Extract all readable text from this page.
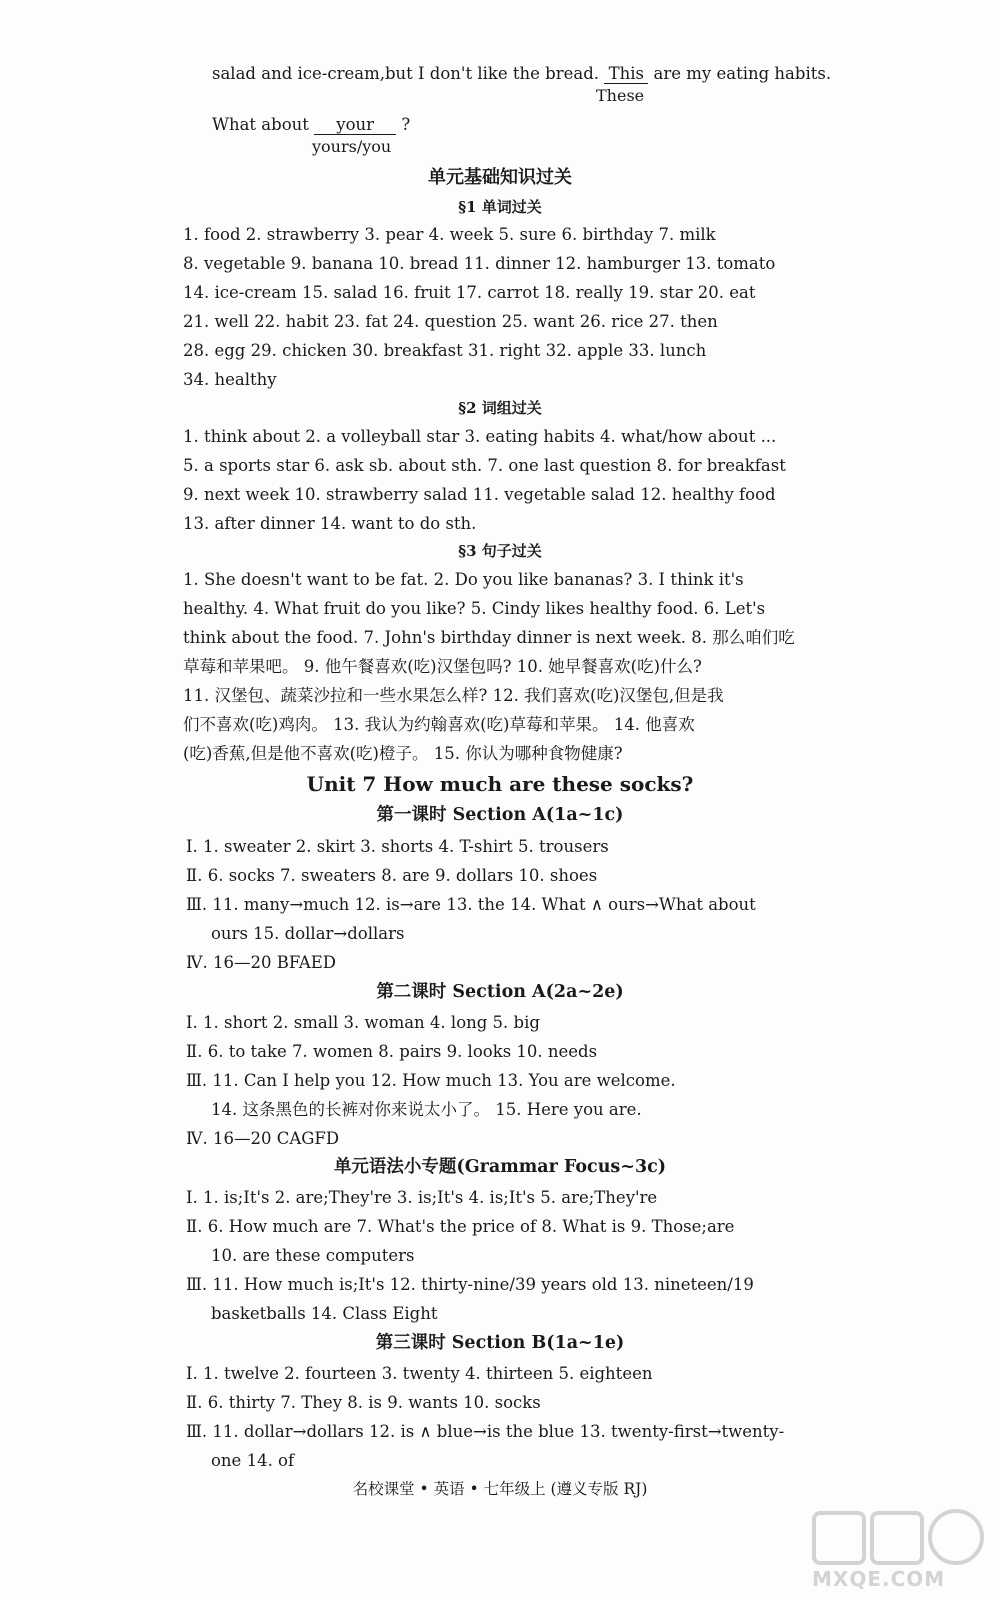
salad and ice-cream,but I don't like the bread. This are my eating habits.
These
What about your ?
yours/you
单元基础知识过关
§1 单词过关
1. food 2. strawberry 3. pear 4. week 5. sure 6. birthday 7. milk
8. vegetable 9. banana 10. bread 11. dinner 12. hamburger 13. tomato
14. ice-cream 15. salad 16. fruit 17. carrot 18. really 19. star 20. eat
21. well 22. habit 23. fat 24. question 25. want 26. rice 27. then
28. egg 29. chicken 30. breakfast 31. right 32. apple 33. lunch
34. healthy
§2 词组过关
1. think about 2. a volleyball star 3. eating habits 4. what/how about ...
5. a sports star 6. ask sb. about sth. 7. one last question 8. for breakfast
9. next week 10. strawberry salad 11. vegetable salad 12. healthy food
13. after dinner 14. want to do sth.
§3 句子过关
1. She doesn't want to be fat. 2. Do you like bananas? 3. I think it's
healthy. 4. What fruit do you like? 5. Cindy likes healthy food. 6. Let's
think about the food. 7. John's birthday dinner is next week. 8. 那么咱们吃
草莓和苹果吧。 9. 他午餐喜欢(吃)汉堡包吗? 10. 她早餐喜欢(吃)什么?
11. 汉堡包、蔬菜沙拉和一些水果怎么样? 12. 我们喜欢(吃)汉堡包,但是我
们不喜欢(吃)鸡肉。 13. 我认为约翰喜欢(吃)草莓和苹果。 14. 他喜欢
(吃)香蕉,但是他不喜欢(吃)橙子。 15. 你认为哪种食物健康?
Unit 7 How much are these socks?
第一课时 Section A(1a~1c)
Ⅰ. 1. sweater 2. skirt 3. shorts 4. T-shirt 5. trousers
Ⅱ. 6. socks 7. sweaters 8. are 9. dollars 10. shoes
Ⅲ. 11. many→much 12. is→are 13. the 14. What ∧ ours→What about
ours 15. dollar→dollars
Ⅳ. 16—20 BFAED
第二课时 Section A(2a~2e)
Ⅰ. 1. short 2. small 3. woman 4. long 5. big
Ⅱ. 6. to take 7. women 8. pairs 9. looks 10. needs
Ⅲ. 11. Can I help you 12. How much 13. You are welcome.
14. 这条黑色的长裤对你来说太小了。 15. Here you are.
Ⅳ. 16—20 CAGFD
单元语法小专题(Grammar Focus~3c)
Ⅰ. 1. is;It's 2. are;They're 3. is;It's 4. is;It's 5. are;They're
Ⅱ. 6. How much are 7. What's the price of 8. What is 9. Those;are
10. are these computers
Ⅲ. 11. How much is;It's 12. thirty-nine/39 years old 13. nineteen/19
basketballs 14. Class Eight
第三课时 Section B(1a~1e)
Ⅰ. 1. twelve 2. fourteen 3. twenty 4. thirteen 5. eighteen
Ⅱ. 6. thirty 7. They 8. is 9. wants 10. socks
Ⅲ. 11. dollar→dollars 12. is ∧ blue→is the blue 13. twenty-first→twenty-
one 14. of
名校课堂 • 英语 • 七年级上 (遵义专版 RJ)
MXQE.COM
